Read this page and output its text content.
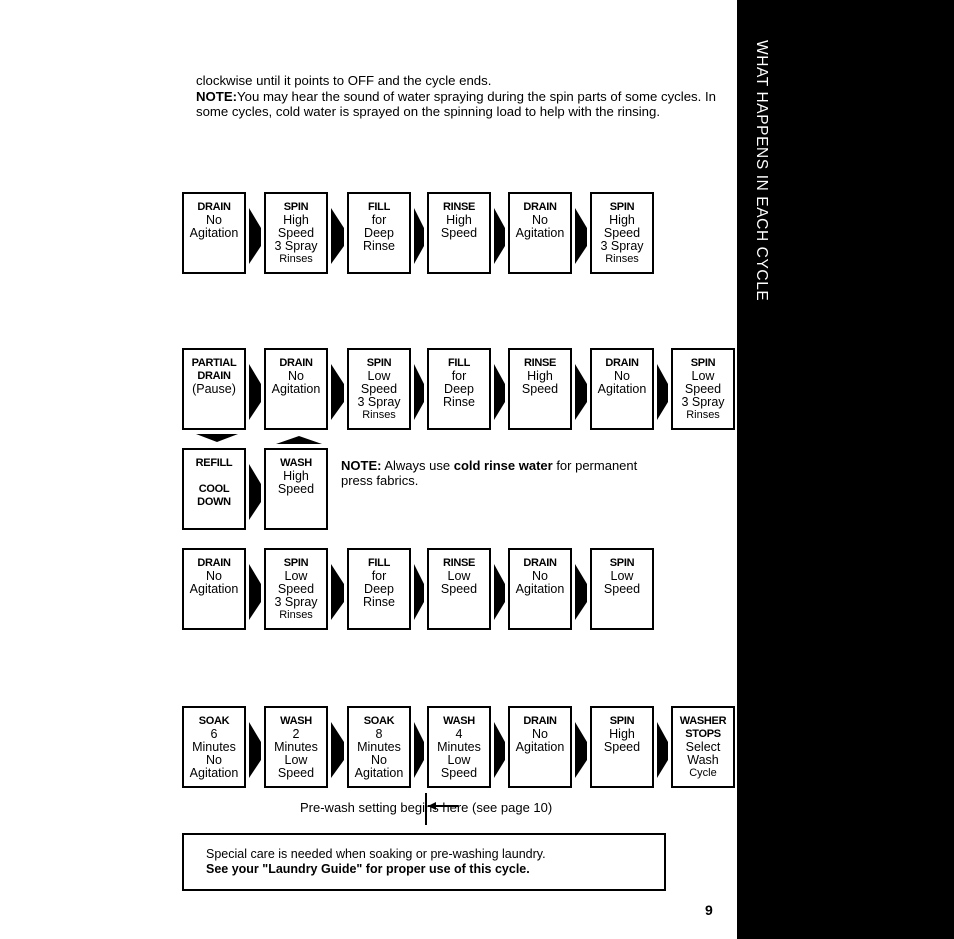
clockwise until it points to OFF and the cycle ends.
NOTE:You may hear the sound of water spraying during the spin parts of some cycles. In some cycles, cold water is sprayed on the spinning load to help with the rinsing.	WHAT HAPPENS IN EACH CYCLE
DRAIN
No
Agitation
SPIN
High
Speed
3 Spray
Rinses
FILL
for
Deep
Rinse
RINSE
High
Speed
DRAIN
No
Agitation
SPIN
High
Speed
3 Spray
Rinses
PARTIAL
DRAIN
(Pause)
DRAIN
No
Agitation
SPIN
Low
Speed
3 Spray
Rinses
FILL
for
Deep
Rinse
RINSE
High
Speed
DRAIN
No
Agitation
SPIN
Low
Speed
3 Spray
Rinses
REFILL

COOL
DOWN
WASH
High
Speed
DRAIN
No
Agitation
SPIN
Low
Speed
3 Spray
Rinses
FILL
for
Deep
Rinse
RINSE
Low
Speed
DRAIN
No
Agitation
SPIN
Low
Speed
SOAK
6
Minutes
No
Agitation
WASH
2
Minutes
Low
Speed
SOAK
8
Minutes
No
Agitation
WASH
4
Minutes
Low
Speed
DRAIN
No
Agitation
SPIN
High
Speed
WASHER
STOPS
Select
Wash
Cycle
NOTE: Always use cold rinse water for permanent press fabrics.
Pre-wash setting begins here (see page 10)
Special care is needed when soaking or pre-washing laundry.
See your "Laundry Guide" for proper use of this cycle.
9
